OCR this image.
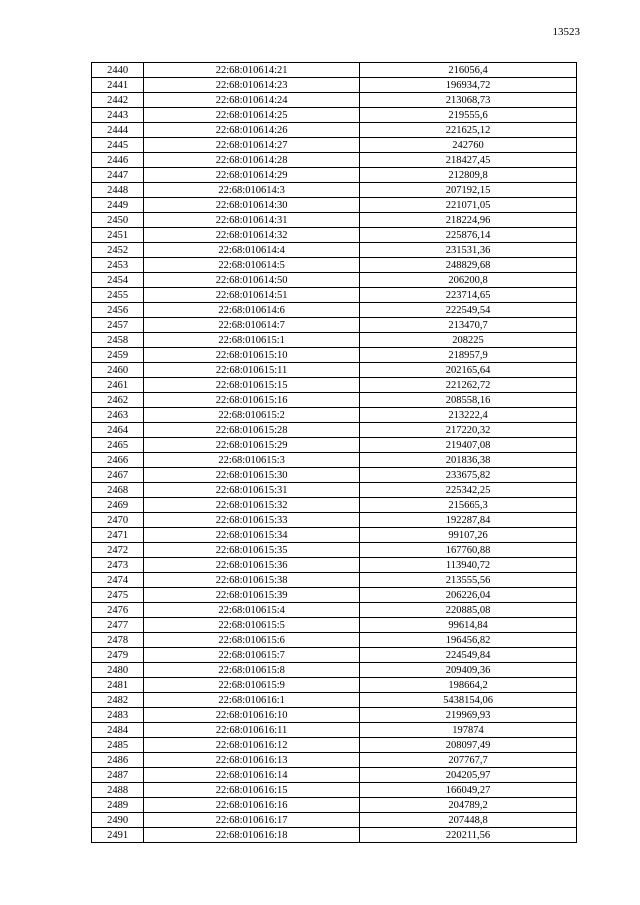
13523
2440	22:68:010614:21	216056,4
2441	22:68:010614:23	196934,72
2442	22:68:010614:24	213068,73
2443	22:68:010614:25	219555,6
2444	22:68:010614:26	221625,12
2445	22:68:010614:27	242760
2446	22:68:010614:28	218427,45
2447	22:68:010614:29	212809,8
2448	22:68:010614:3	207192,15
2449	22:68:010614:30	221071,05
2450	22:68:010614:31	218224,96
2451	22:68:010614:32	225876,14
2452	22:68:010614:4	231531,36
2453	22:68:010614:5	248829,68
2454	22:68:010614:50	206200,8
2455	22:68:010614:51	223714,65
2456	22:68:010614:6	222549,54
2457	22:68:010614:7	213470,7
2458	22:68:010615:1	208225
2459	22:68:010615:10	218957,9
2460	22:68:010615:11	202165,64
2461	22:68:010615:15	221262,72
2462	22:68:010615:16	208558,16
2463	22:68:010615:2	213222,4
2464	22:68:010615:28	217220,32
2465	22:68:010615:29	219407,08
2466	22:68:010615:3	201836,38
2467	22:68:010615:30	233675,82
2468	22:68:010615:31	225342,25
2469	22:68:010615:32	215665,3
2470	22:68:010615:33	192287,84
2471	22:68:010615:34	99107,26
2472	22:68:010615:35	167760,88
2473	22:68:010615:36	113940,72
2474	22:68:010615:38	213555,56
2475	22:68:010615:39	206226,04
2476	22:68:010615:4	220885,08
2477	22:68:010615:5	99614,84
2478	22:68:010615:6	196456,82
2479	22:68:010615:7	224549,84
2480	22:68:010615:8	209409,36
2481	22:68:010615:9	198664,2
2482	22:68:010616:1	5438154,06
2483	22:68:010616:10	219969,93
2484	22:68:010616:11	197874
2485	22:68:010616:12	208097,49
2486	22:68:010616:13	207767,7
2487	22:68:010616:14	204205,97
2488	22:68:010616:15	166049,27
2489	22:68:010616:16	204789,2
2490	22:68:010616:17	207448,8
2491	22:68:010616:18	220211,56
